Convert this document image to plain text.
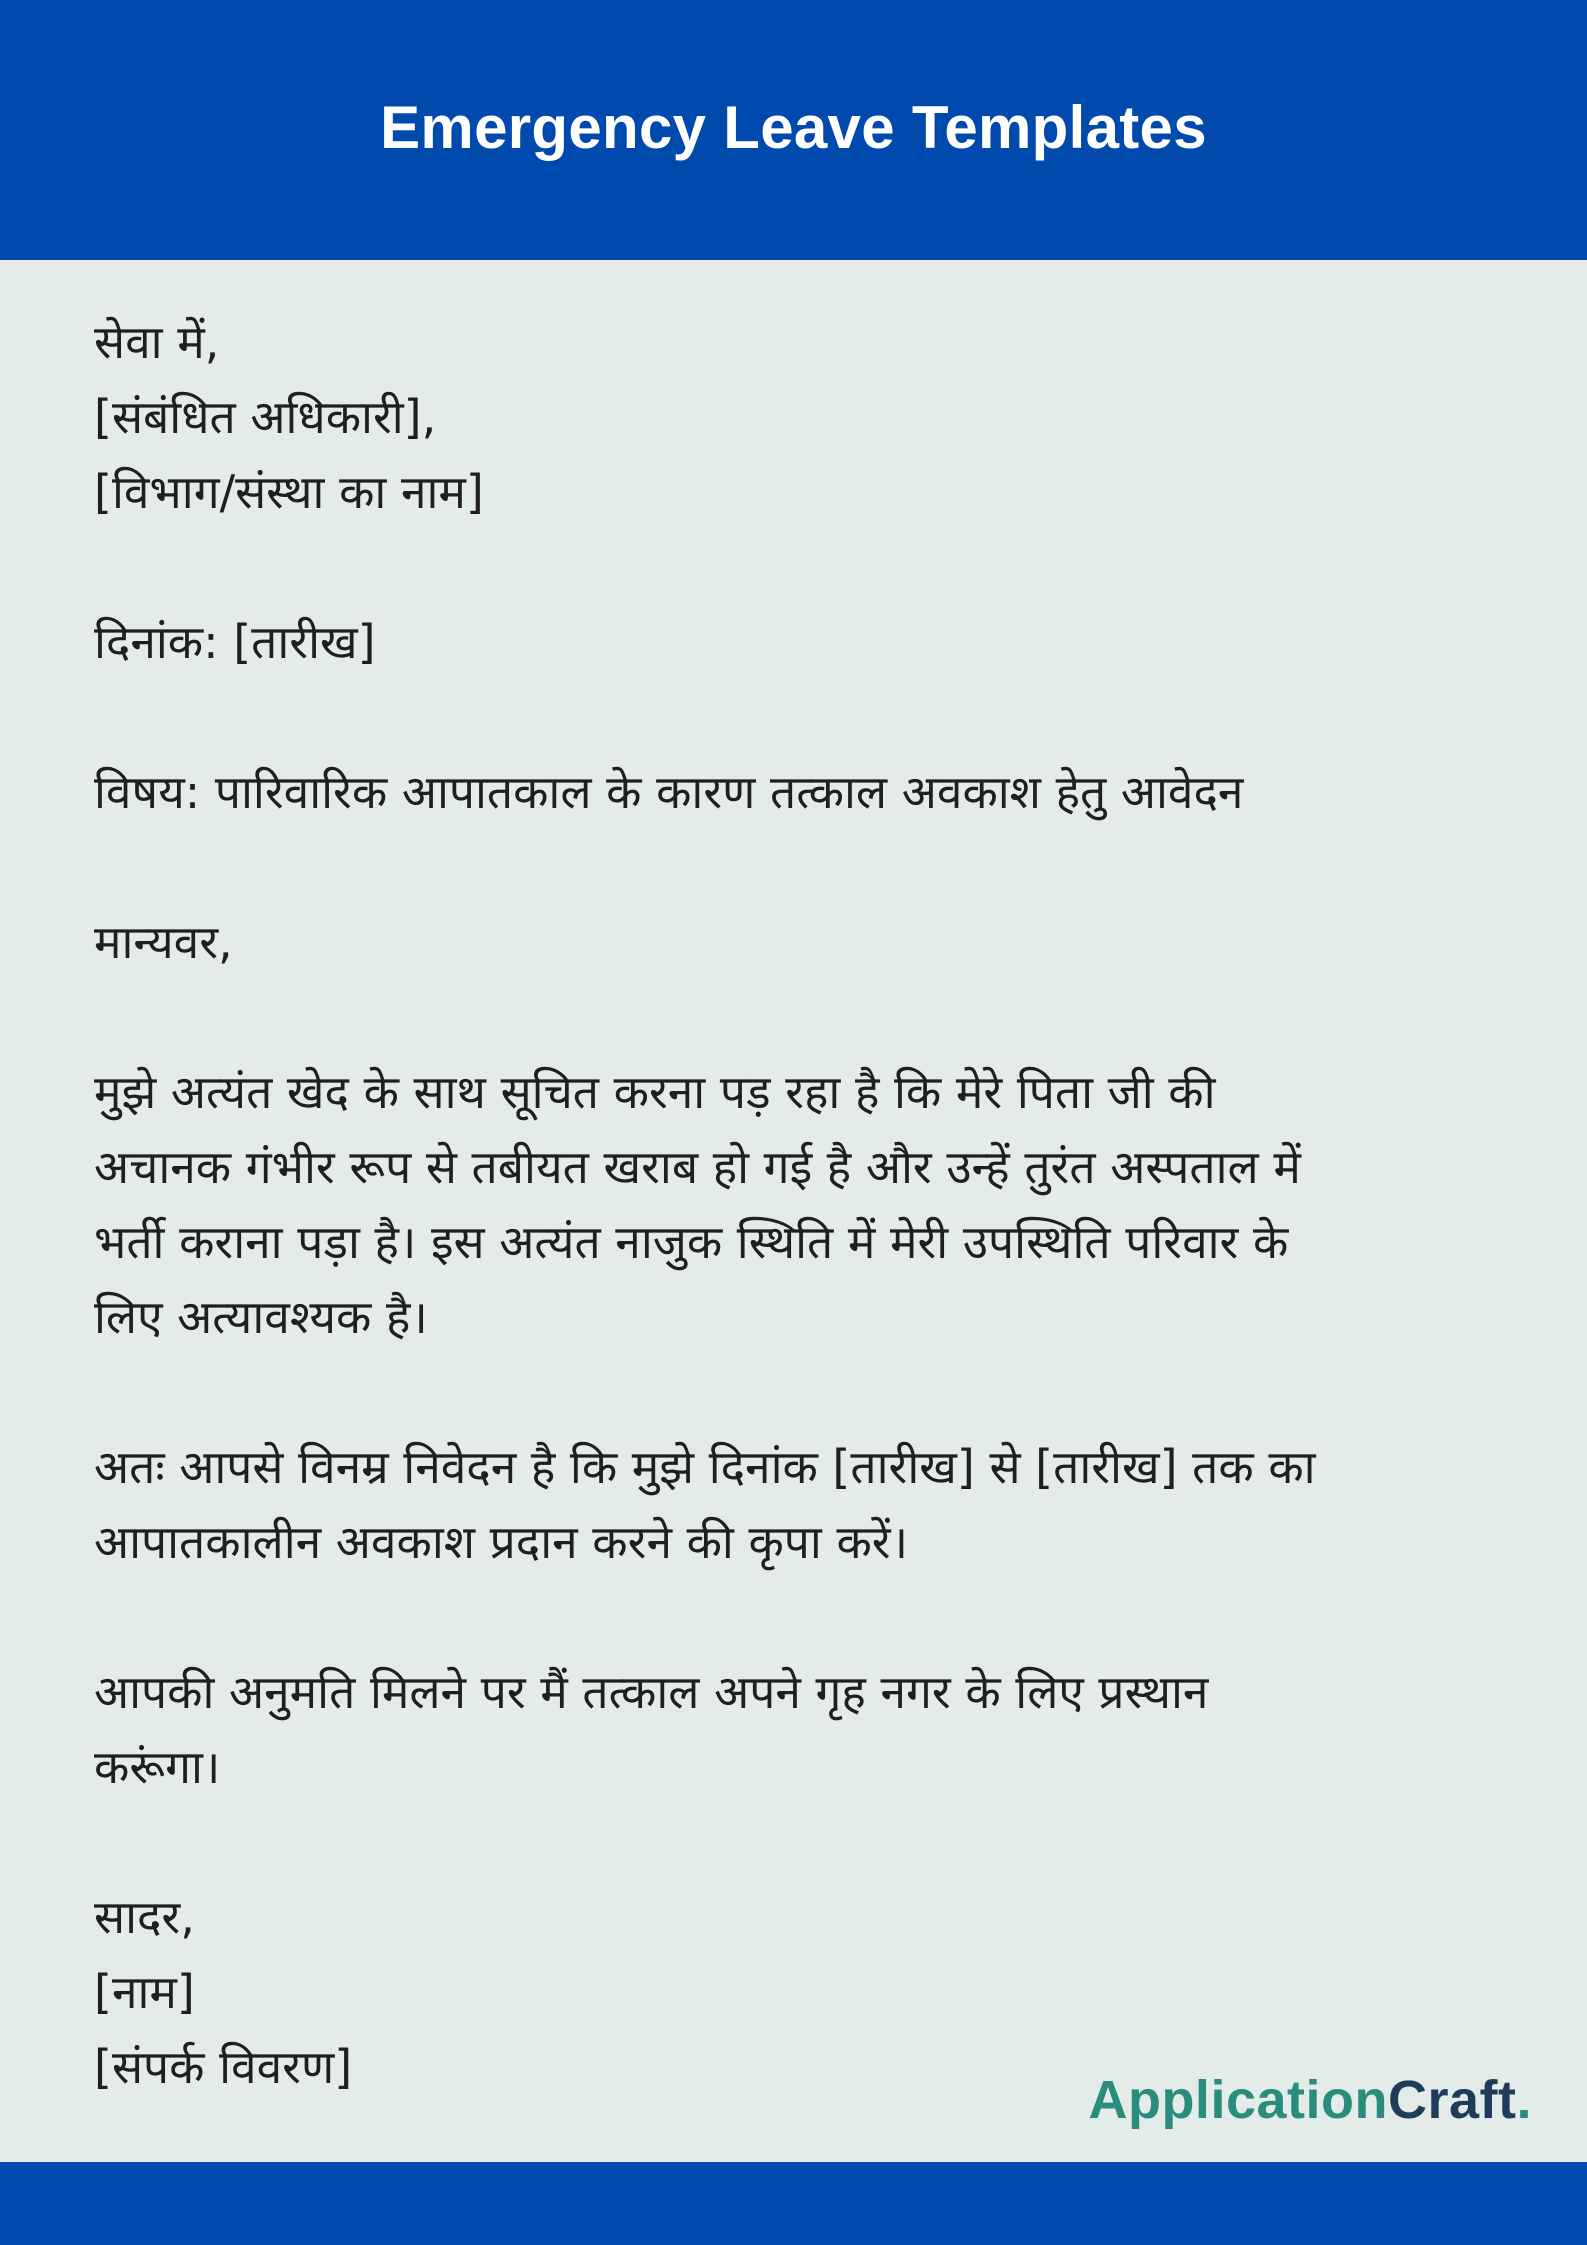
Emergency Leave Templates

सेवा में,
[संबंधित अधिकारी],
[विभाग/संस्था का नाम]

दिनांक: [तारीख]

विषय: पारिवारिक आपातकाल के कारण तत्काल अवकाश हेतु आवेदन

मान्यवर,

मुझे अत्यंत खेद के साथ सूचित करना पड़ रहा है कि मेरे पिता जी की
अचानक गंभीर रूप से तबीयत खराब हो गई है और उन्हें तुरंत अस्पताल में
भर्ती कराना पड़ा है। इस अत्यंत नाजुक स्थिति में मेरी उपस्थिति परिवार के
लिए अत्यावश्यक है।

अतः आपसे विनम्र निवेदन है कि मुझे दिनांक [तारीख] से [तारीख] तक का
आपातकालीन अवकाश प्रदान करने की कृपा करें।

आपकी अनुमति मिलने पर मैं तत्काल अपने गृह नगर के लिए प्रस्थान
करूंगा।

सादर,
[नाम]
[संपर्क विवरण]

ApplicationCraft.
